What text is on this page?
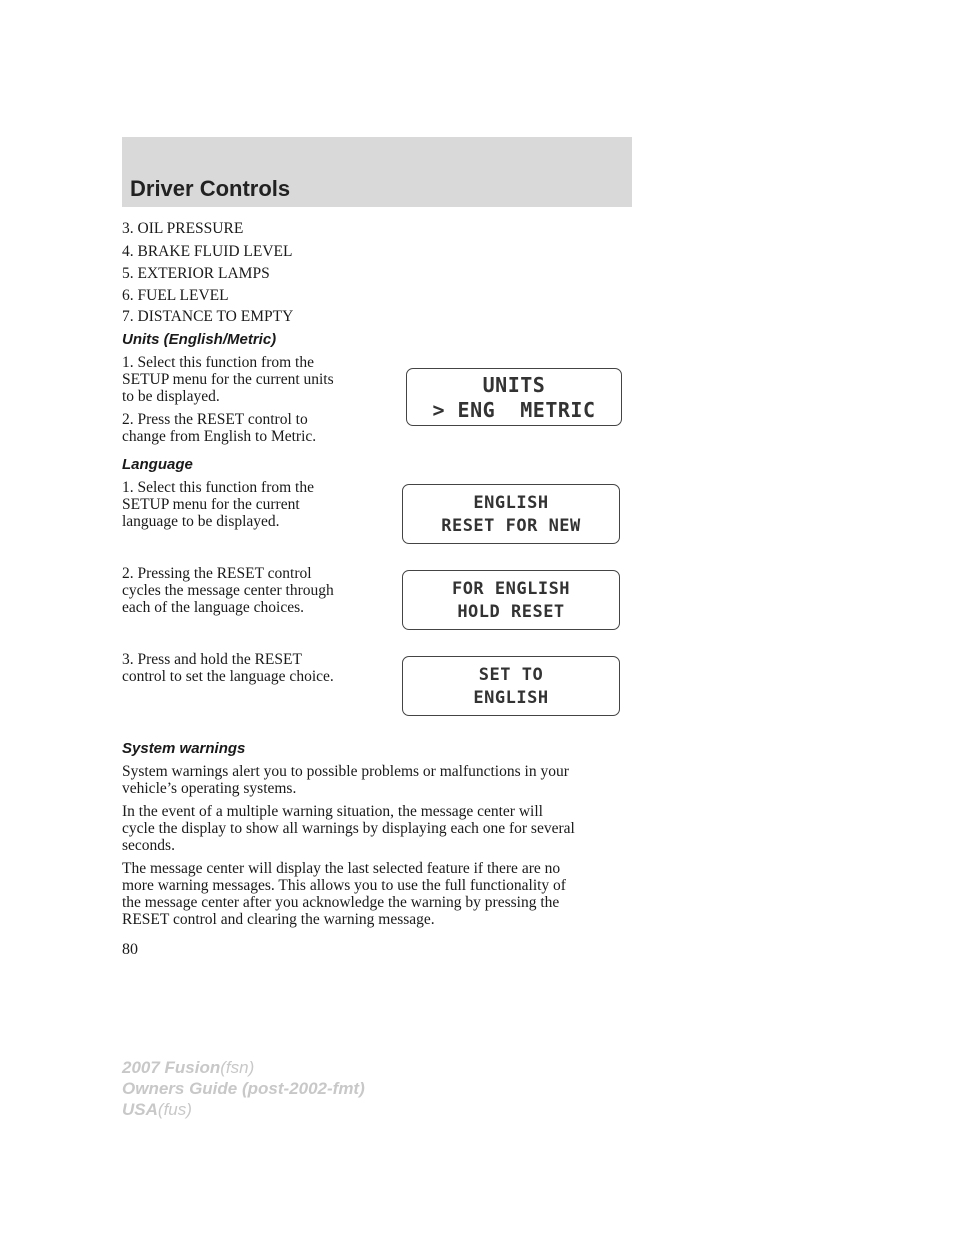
Driver Controls
3. OIL PRESSURE
4. BRAKE FLUID LEVEL
5. EXTERIOR LAMPS
6. FUEL LEVEL
7. DISTANCE TO EMPTY
Units (English/Metric)
1. Select this function from the
SETUP menu for the current units
to be displayed.
2. Press the RESET control to
change from English to Metric.
UNITS
> ENG  METRIC
Language
1. Select this function from the
SETUP menu for the current
language to be displayed.
2. Pressing the RESET control
cycles the message center through
each of the language choices.
3. Press and hold the RESET
control to set the language choice.
ENGLISH
RESET FOR NEW
FOR ENGLISH
HOLD RESET
SET TO
ENGLISH
System warnings
System warnings alert you to possible problems or malfunctions in your
vehicle’s operating systems.
In the event of a multiple warning situation, the message center will
cycle the display to show all warnings by displaying each one for several
seconds.
The message center will display the last selected feature if there are no
more warning messages. This allows you to use the full functionality of
the message center after you acknowledge the warning by pressing the
RESET control and clearing the warning message.
80
2007 Fusion(fsn)
Owners Guide (post-2002-fmt)
USA(fus)
